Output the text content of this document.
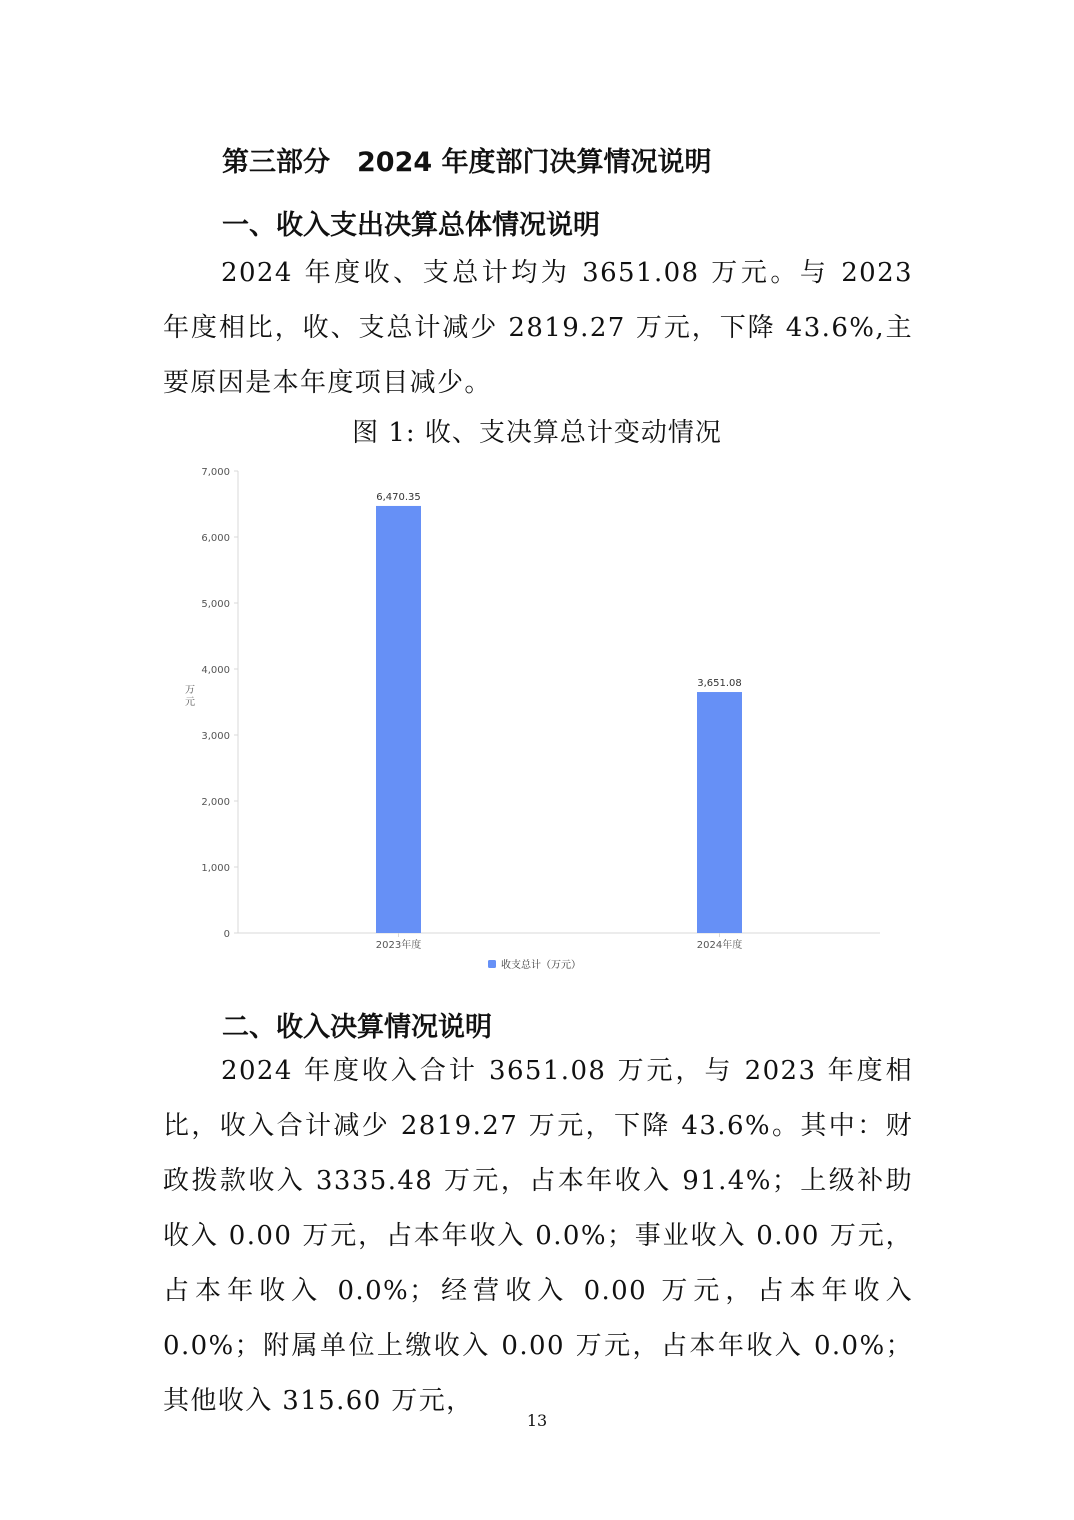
第三部分　2024 年度部门决算情况说明
一、收入支出决算总体情况说明
2024 年度收、支总计均为 3651.08 万元。与 2023 年度相比，收、支总计减少 2819.27 万元，下降 43.6%,主要原因是本年度项目减少。
图 1: 收、支决算总计变动情况
0
1,000
2,000
3,000
4,000
5,000
6,000
7,000
万
元
6,470.35
2023年度
3,651.08
2024年度
收支总计（万元）
二、收入决算情况说明
2024 年度收入合计 3651.08 万元，与 2023 年度相比，收入合计减少 2819.27 万元，下降 43.6%。其中：财政拨款收入 3335.48 万元，占本年收入 91.4%；上级补助收入 0.00 万元，占本年收入 0.0%；事业收入 0.00 万元，占本年收入 0.0%；经营收入 0.00 万元，占本年收入 0.0%；附属单位上缴收入 0.00 万元，占本年收入 0.0%；其他收入 315.60 万元，
13
